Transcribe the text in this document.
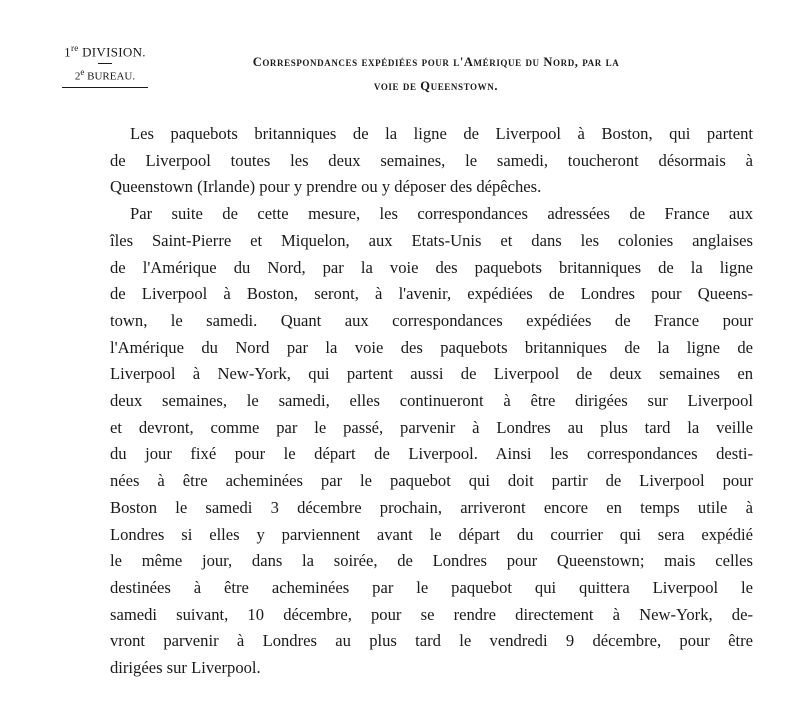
1re DIVISION.
2e BUREAU.
Correspondances expédiées pour l'Amérique du Nord, par la
voie de Queenstown.
Les paquebots britanniques de la ligne de Liverpool à Boston, qui partent
de Liverpool toutes les deux semaines, le samedi, toucheront désormais à
Queenstown (Irlande) pour y prendre ou y déposer des dépêches.
Par suite de cette mesure, les correspondances adressées de France aux
îles Saint-Pierre et Miquelon, aux Etats-Unis et dans les colonies anglaises
de l'Amérique du Nord, par la voie des paquebots britanniques de la ligne
de Liverpool à Boston, seront, à l'avenir, expédiées de Londres pour Queens-
town, le samedi. Quant aux correspondances expédiées de France pour
l'Amérique du Nord par la voie des paquebots britanniques de la ligne de
Liverpool à New-York, qui partent aussi de Liverpool de deux semaines en
deux semaines, le samedi, elles continueront à être dirigées sur Liverpool
et devront, comme par le passé, parvenir à Londres au plus tard la veille
du jour fixé pour le départ de Liverpool. Ainsi les correspondances desti-
nées à être acheminées par le paquebot qui doit partir de Liverpool pour
Boston le samedi 3 décembre prochain, arriveront encore en temps utile à
Londres si elles y parviennent avant le départ du courrier qui sera expédié
le même jour, dans la soirée, de Londres pour Queenstown; mais celles
destinées à être acheminées par le paquebot qui quittera Liverpool le
samedi suivant, 10 décembre, pour se rendre directement à New-York, de-
vront parvenir à Londres au plus tard le vendredi 9 décembre, pour être
dirigées sur Liverpool.
